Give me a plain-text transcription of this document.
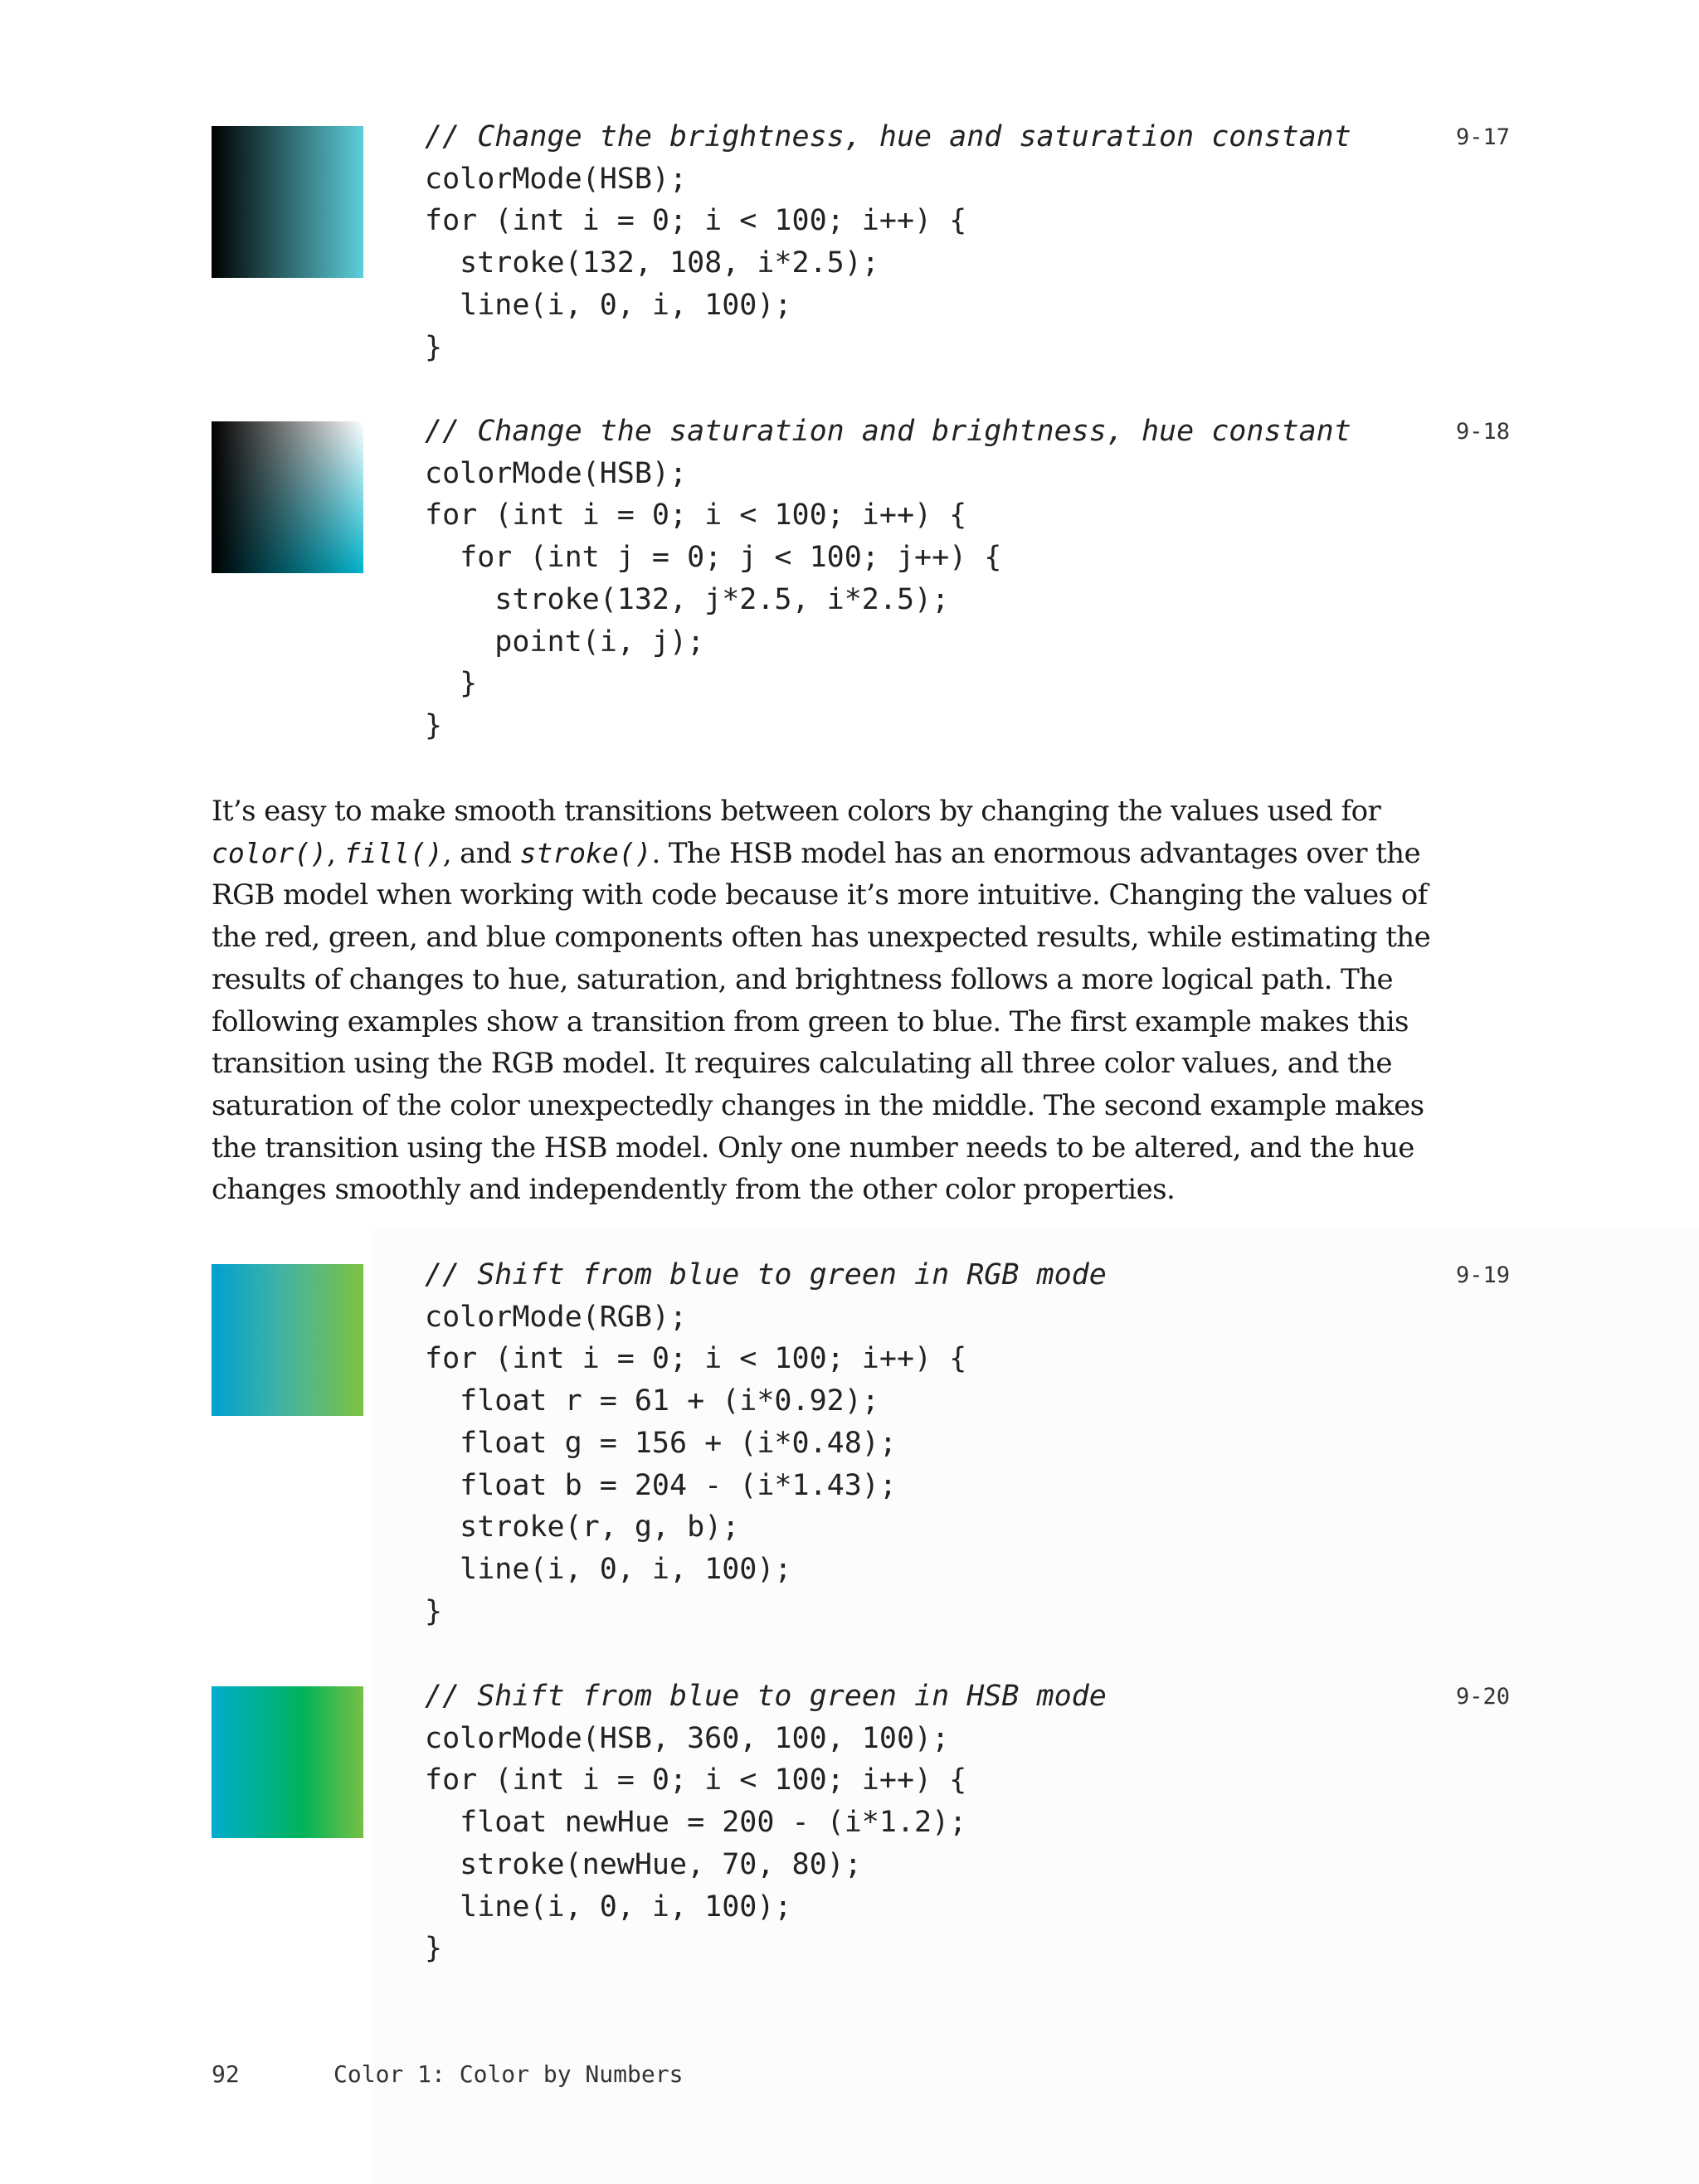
// Change the brightness, hue and saturation constant
colorMode(HSB);
for (int i = 0; i < 100; i++) {
stroke(132, 108, i*2.5);
line(i, 0, i, 100);
}
9-17
// Change the saturation and brightness, hue constant
colorMode(HSB);
for (int i = 0; i < 100; i++) {
for (int j = 0; j < 100; j++) {
stroke(132, j*2.5, i*2.5);
point(i, j);
}
}
9-18

It’s easy to make smooth transitions between colors by changing the values used for color(), fill(), and stroke(). The HSB model has an enormous advantages over the RGB model when working with code because it’s more intuitive. Changing the values of the red, green, and blue components often has unexpected results, while estimating the results of changes to hue, saturation, and brightness follows a more logical path. The following examples show a transition from green to blue. The first example makes this transition using the RGB model. It requires calculating all three color values, and the saturation of the color unexpectedly changes in the middle. The second example makes the transition using the HSB model. Only one number needs to be altered, and the hue changes smoothly and independently from the other color properties.

// Shift from blue to green in RGB mode
colorMode(RGB);
for (int i = 0; i < 100; i++) {
float r = 61 + (i*0.92);
float g = 156 + (i*0.48);
float b = 204 - (i*1.43);
stroke(r, g, b);
line(i, 0, i, 100);
}
9-19
// Shift from blue to green in HSB mode
colorMode(HSB, 360, 100, 100);
for (int i = 0; i < 100; i++) {
float newHue = 200 - (i*1.2);
stroke(newHue, 70, 80);
line(i, 0, i, 100);
}
9-20
92	Color 1: Color by Numbers
